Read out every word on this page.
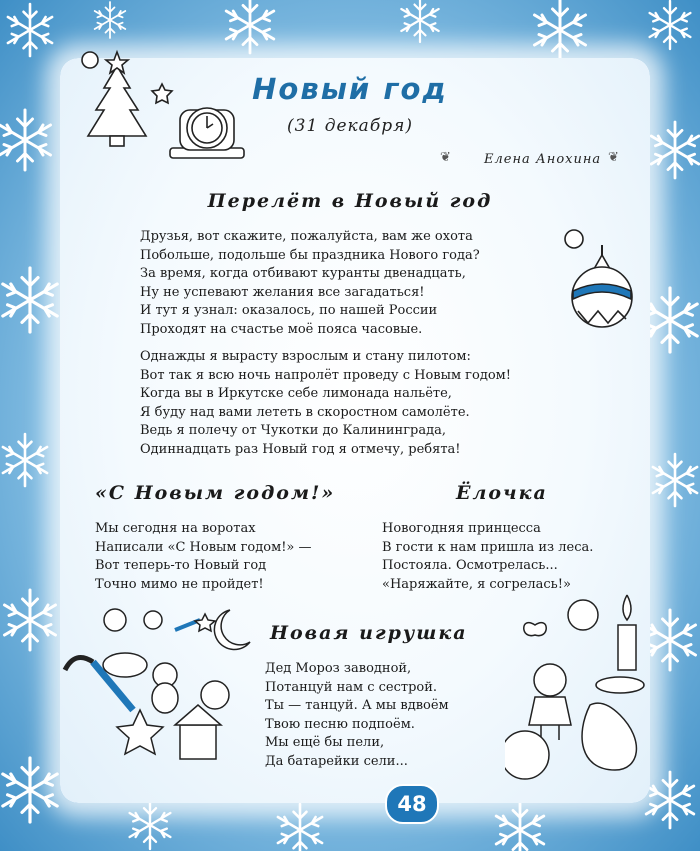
Новый год
(31 декабря)
❦	Елена Анохина ❦
Перелёт в Новый год
Друзья, вот скажите, пожалуйста, вам же охота
Побольше, подольше бы праздника Нового года?
За время, когда отбивают куранты двенадцать,
Ну не успевают желания все загадаться!
И тут я узнал: оказалось, по нашей России
Проходят на счастье моё пояса часовые.
Однажды я вырасту взрослым и стану пилотом:
Вот так я всю ночь напролёт проведу с Новым годом!
Когда вы в Иркутске себе лимонада нальёте,
Я буду над вами лететь в скоростном самолёте.
Ведь я полечу от Чукотки до Калининграда,
Одиннадцать раз Новый год я отмечу, ребята!
«С Новым годом!»
Мы сегодня на воротах
Написали «С Новым годом!» —
Вот теперь-то Новый год
Точно мимо не пройдет!
Ёлочка
Новогодняя принцесса
В гости к нам пришла из леса.
Постояла. Осмотрелась...
«Наряжайте, я согрелась!»
Новая игрушка
Дед Мороз заводной,
Потанцуй нам с сестрой.
Ты — танцуй. А мы вдвоём
Твою песню подпоём.
Мы ещё бы пели,
Да батарейки сели...
48
